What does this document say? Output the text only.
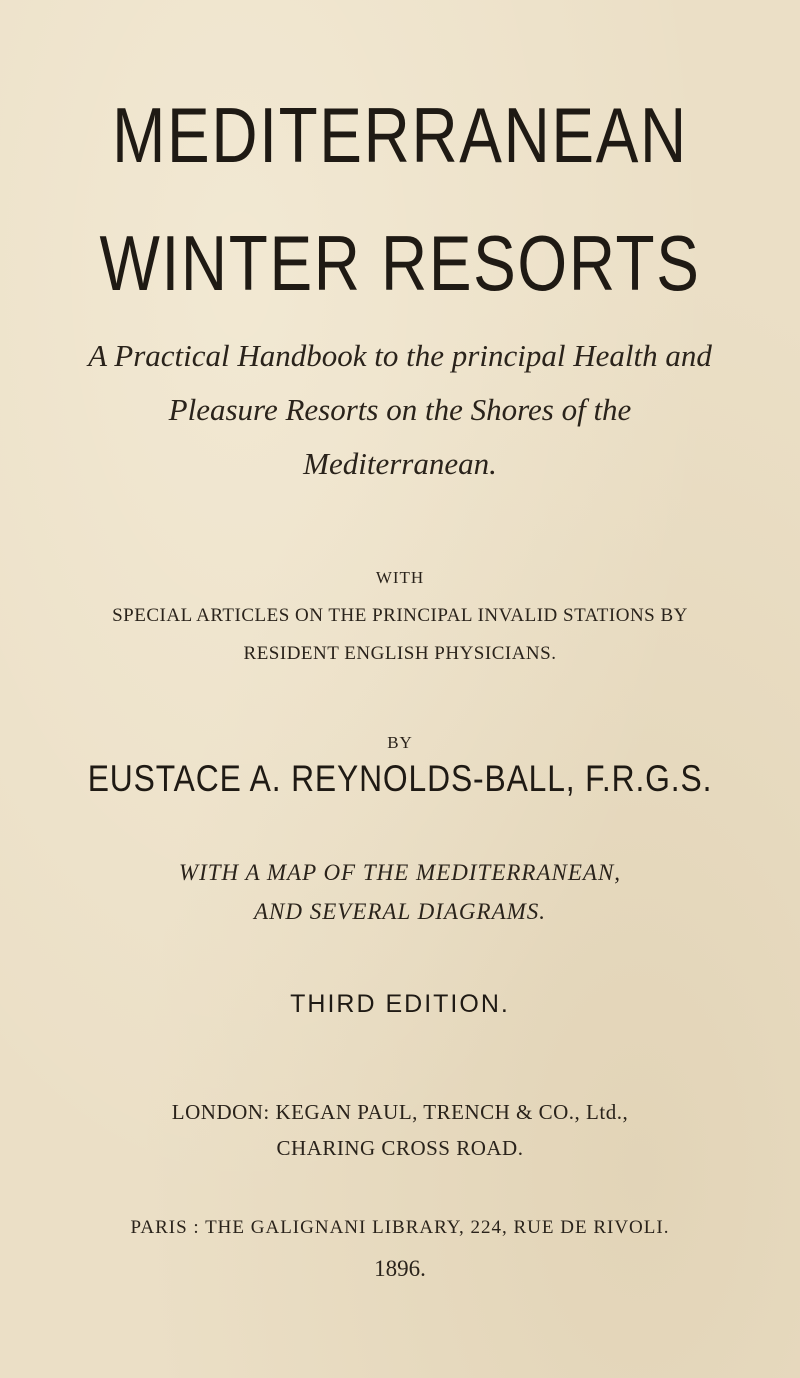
MEDITERRANEAN
WINTER RESORTS
A Practical Handbook to the principal Health and
Pleasure Resorts on the Shores of the
Mediterranean.
WITH
SPECIAL ARTICLES ON THE PRINCIPAL INVALID STATIONS BY
RESIDENT ENGLISH PHYSICIANS.
BY
EUSTACE A. REYNOLDS-BALL, F.R.G.S.
WITH A MAP OF THE MEDITERRANEAN,
AND SEVERAL DIAGRAMS.
THIRD EDITION.
LONDON: KEGAN PAUL, TRENCH & CO., Ltd.,
CHARING CROSS ROAD.
PARIS : THE GALIGNANI LIBRARY, 224, RUE DE RIVOLI.
1896.
